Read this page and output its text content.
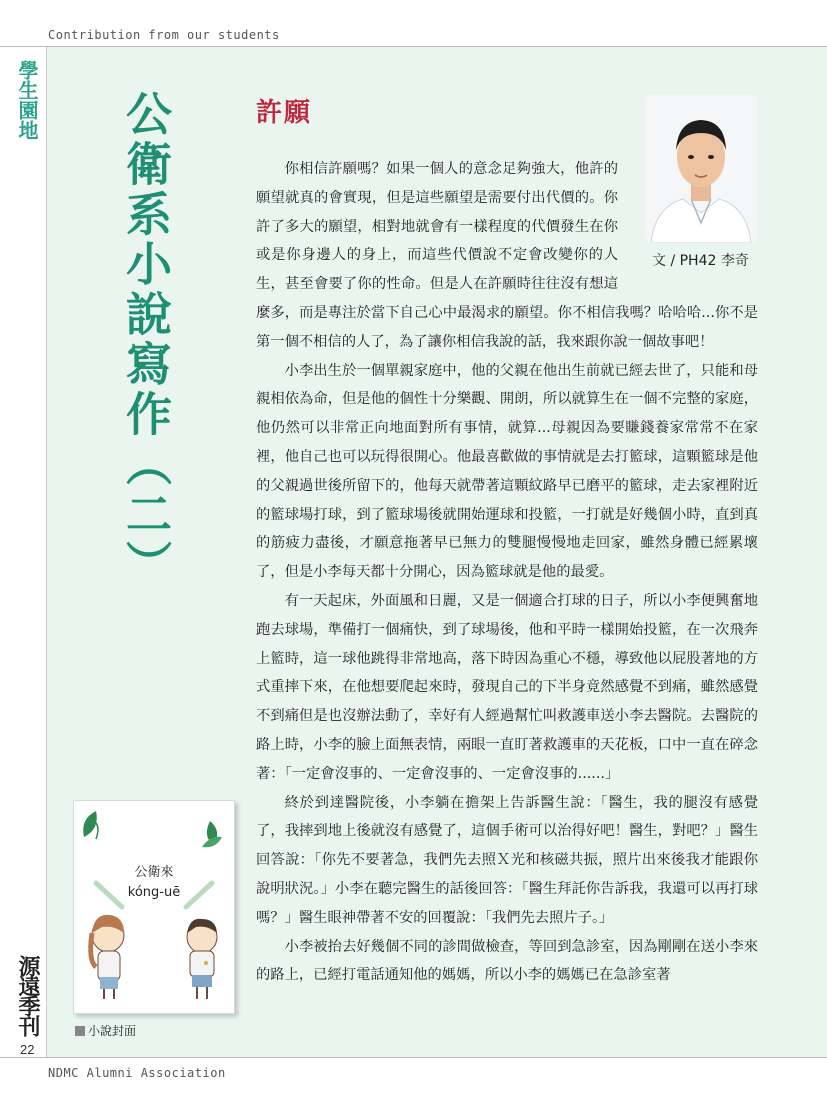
Contribution from our students
學生園地 公衛系小說寫作（二）	許願
文 / PH42 李奇

你相信許願嗎？如果一個人的意念足夠強大，他許的願望就真的會實現，但是這些願望是需要付出代價的。你許了多大的願望，相對地就會有一樣程度的代價發生在你或是你身邊人的身上，而這些代價說不定會改變你的人生，甚至會要了你的性命。但是人在許願時往往沒有想這麼多，而是專注於當下自己心中最渴求的願望。你不相信我嗎？哈哈哈...你不是第一個不相信的人了，為了讓你相信我說的話，我來跟你說一個故事吧！

小李出生於一個單親家庭中，他的父親在他出生前就已經去世了，只能和母親相依為命，但是他的個性十分樂觀、開朗，所以就算生在一個不完整的家庭，他仍然可以非常正向地面對所有事情，就算...母親因為要賺錢養家常常不在家裡，他自己也可以玩得很開心。他最喜歡做的事情就是去打籃球，這顆籃球是他的父親過世後所留下的，他每天就帶著這顆紋路早已磨平的籃球，走去家裡附近的籃球場打球，到了籃球場後就開始運球和投籃，一打就是好幾個小時，直到真的筋疲力盡後，才願意拖著早已無力的雙腿慢慢地走回家，雖然身體已經累壞了，但是小李每天都十分開心，因為籃球就是他的最愛。

有一天起床，外面風和日麗，又是一個適合打球的日子，所以小李便興奮地跑去球場，準備打一個痛快，到了球場後，他和平時一樣開始投籃，在一次飛奔上籃時，這一球他跳得非常地高，落下時因為重心不穩，導致他以屁股著地的方式重摔下來，在他想要爬起來時，發現自己的下半身竟然感覺不到痛，雖然感覺不到痛但是也沒辦法動了，幸好有人經過幫忙叫救護車送小李去醫院。去醫院的路上時，小李的臉上面無表情，兩眼一直盯著救護車的天花板，口中一直在碎念著：「一定會沒事的、一定會沒事的、一定會沒事的......」

終於到達醫院後，小李躺在擔架上告訴醫生說：「醫生，我的腿沒有感覺了，我摔到地上後就沒有感覺了，這個手術可以治得好吧！醫生，對吧？」醫生回答說：「你先不要著急，我們先去照Ｘ光和核磁共振，照片出來後我才能跟你說明狀況。」小李在聽完醫生的話後回答：「醫生拜託你告訴我，我還可以再打球嗎？」醫生眼神帶著不安的回覆說：「我們先去照片子。」

小李被抬去好幾個不同的診間做檢查，等回到急診室，因為剛剛在送小李來的路上，已經打電話通知他的媽媽，所以小李的媽媽已在急診室著

公衛來
kóng-uē
小說封面
源遠季刊
22
NDMC Alumni Association
